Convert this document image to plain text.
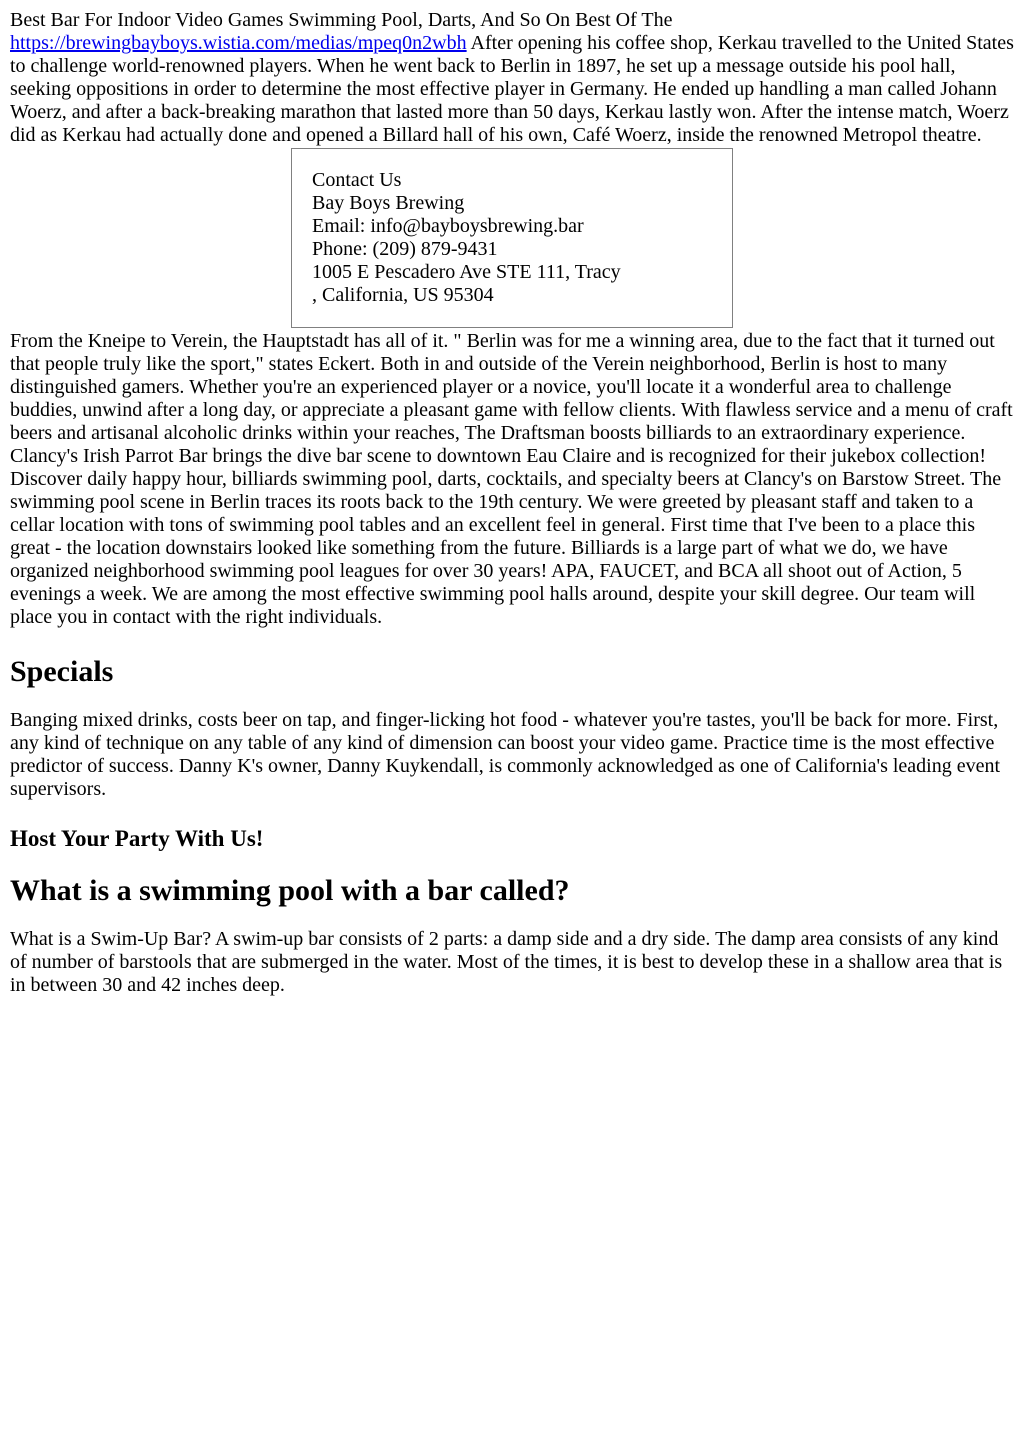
Best Bar For Indoor Video Games Swimming Pool, Darts, And So On Best Of The
https://brewingbayboys.wistia.com/medias/mpeq0n2wbh After opening his coffee shop, Kerkau travelled to the United States to challenge world-renowned players. When he went back to Berlin in 1897, he set up a message outside his pool hall, seeking oppositions in order to determine the most effective player in Germany. He ended up handling a man called Johann Woerz, and after a back-breaking marathon that lasted more than 50 days, Kerkau lastly won. After the intense match, Woerz did as Kerkau had actually done and opened a Billard hall of his own, Café Woerz, inside the renowned Metropol theatre.

Contact Us
Bay Boys Brewing
Email: info@bayboysbrewing.bar
Phone: (209) 879-9431
1005 E Pescadero Ave STE 111, Tracy
, California, US 95304

From the Kneipe to Verein, the Hauptstadt has all of it. " Berlin was for me a winning area, due to the fact that it turned out that people truly like the sport," states Eckert. Both in and outside of the Verein neighborhood, Berlin is host to many distinguished gamers. Whether you're an experienced player or a novice, you'll locate it a wonderful area to challenge buddies, unwind after a long day, or appreciate a pleasant game with fellow clients. With flawless service and a menu of craft beers and artisanal alcoholic drinks within your reaches, The Draftsman boosts billiards to an extraordinary experience. Clancy's Irish Parrot Bar brings the dive bar scene to downtown Eau Claire and is recognized for their jukebox collection! Discover daily happy hour, billiards swimming pool, darts, cocktails, and specialty beers at Clancy's on Barstow Street. The swimming pool scene in Berlin traces its roots back to the 19th century. We were greeted by pleasant staff and taken to a cellar location with tons of swimming pool tables and an excellent feel in general. First time that I've been to a place this great - the location downstairs looked like something from the future. Billiards is a large part of what we do, we have organized neighborhood swimming pool leagues for over 30 years! APA, FAUCET, and BCA all shoot out of Action, 5 evenings a week. We are among the most effective swimming pool halls around, despite your skill degree. Our team will place you in contact with the right individuals.

Specials

Banging mixed drinks, costs beer on tap, and finger-licking hot food - whatever you're tastes, you'll be back for more. First, any kind of technique on any table of any kind of dimension can boost your video game. Practice time is the most effective predictor of success. Danny K's owner, Danny Kuykendall, is commonly acknowledged as one of California's leading event supervisors.

Host Your Party With Us!
What is a swimming pool with a bar called?

What is a Swim-Up Bar? A swim-up bar consists of 2 parts: a damp side and a dry side. The damp area consists of any kind of number of barstools that are submerged in the water. Most of the times, it is best to develop these in a shallow area that is in between 30 and 42 inches deep.
